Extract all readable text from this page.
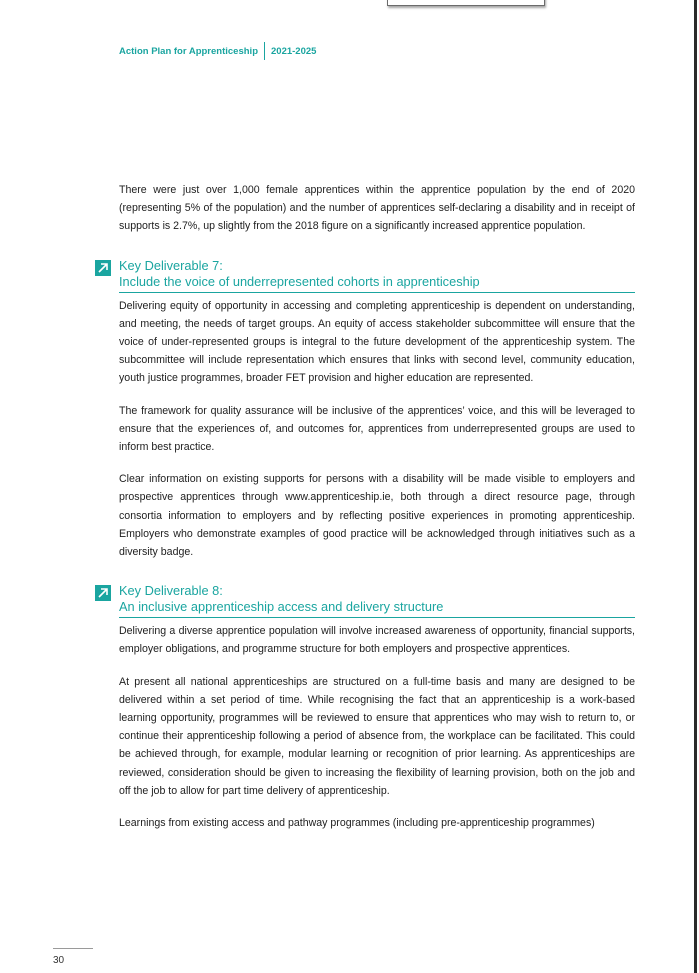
Action Plan for Apprenticeship 2021-2025

There were just over 1,000 female apprentices within the apprentice population by the end of 2020 (representing 5% of the population) and the number of apprentices self-declaring a disability and in receipt of supports is 2.7%, up slightly from the 2018 figure on a significantly increased apprentice population.

Key Deliverable 7:
Include the voice of underrepresented cohorts in apprenticeship

Delivering equity of opportunity in accessing and completing apprenticeship is dependent on understanding, and meeting, the needs of target groups. An equity of access stakeholder subcommittee will ensure that the voice of under-represented groups is integral to the future development of the apprenticeship system. The subcommittee will include representation which ensures that links with second level, community education, youth justice programmes, broader FET provision and higher education are represented.

The framework for quality assurance will be inclusive of the apprentices’ voice, and this will be leveraged to ensure that the experiences of, and outcomes for, apprentices from underrepresented groups are used to inform best practice.

Clear information on existing supports for persons with a disability will be made visible to employers and prospective apprentices through www.apprenticeship.ie, both through a direct resource page, through consortia information to employers and by reflecting positive experiences in promoting apprenticeship. Employers who demonstrate examples of good practice will be acknowledged through initiatives such as a diversity badge.

Key Deliverable 8:
An inclusive apprenticeship access and delivery structure

Delivering a diverse apprentice population will involve increased awareness of opportunity, financial supports, employer obligations, and programme structure for both employers and prospective apprentices.

At present all national apprenticeships are structured on a full-time basis and many are designed to be delivered within a set period of time. While recognising the fact that an apprenticeship is a work-based learning opportunity, programmes will be reviewed to ensure that apprentices who may wish to return to, or continue their apprenticeship following a period of absence from, the workplace can be facilitated. This could be achieved through, for example, modular learning or recognition of prior learning. As apprenticeships are reviewed, consideration should be given to increasing the flexibility of learning provision, both on the job and off the job to allow for part time delivery of apprenticeship.

Learnings from existing access and pathway programmes (including pre-apprenticeship programmes)

30
